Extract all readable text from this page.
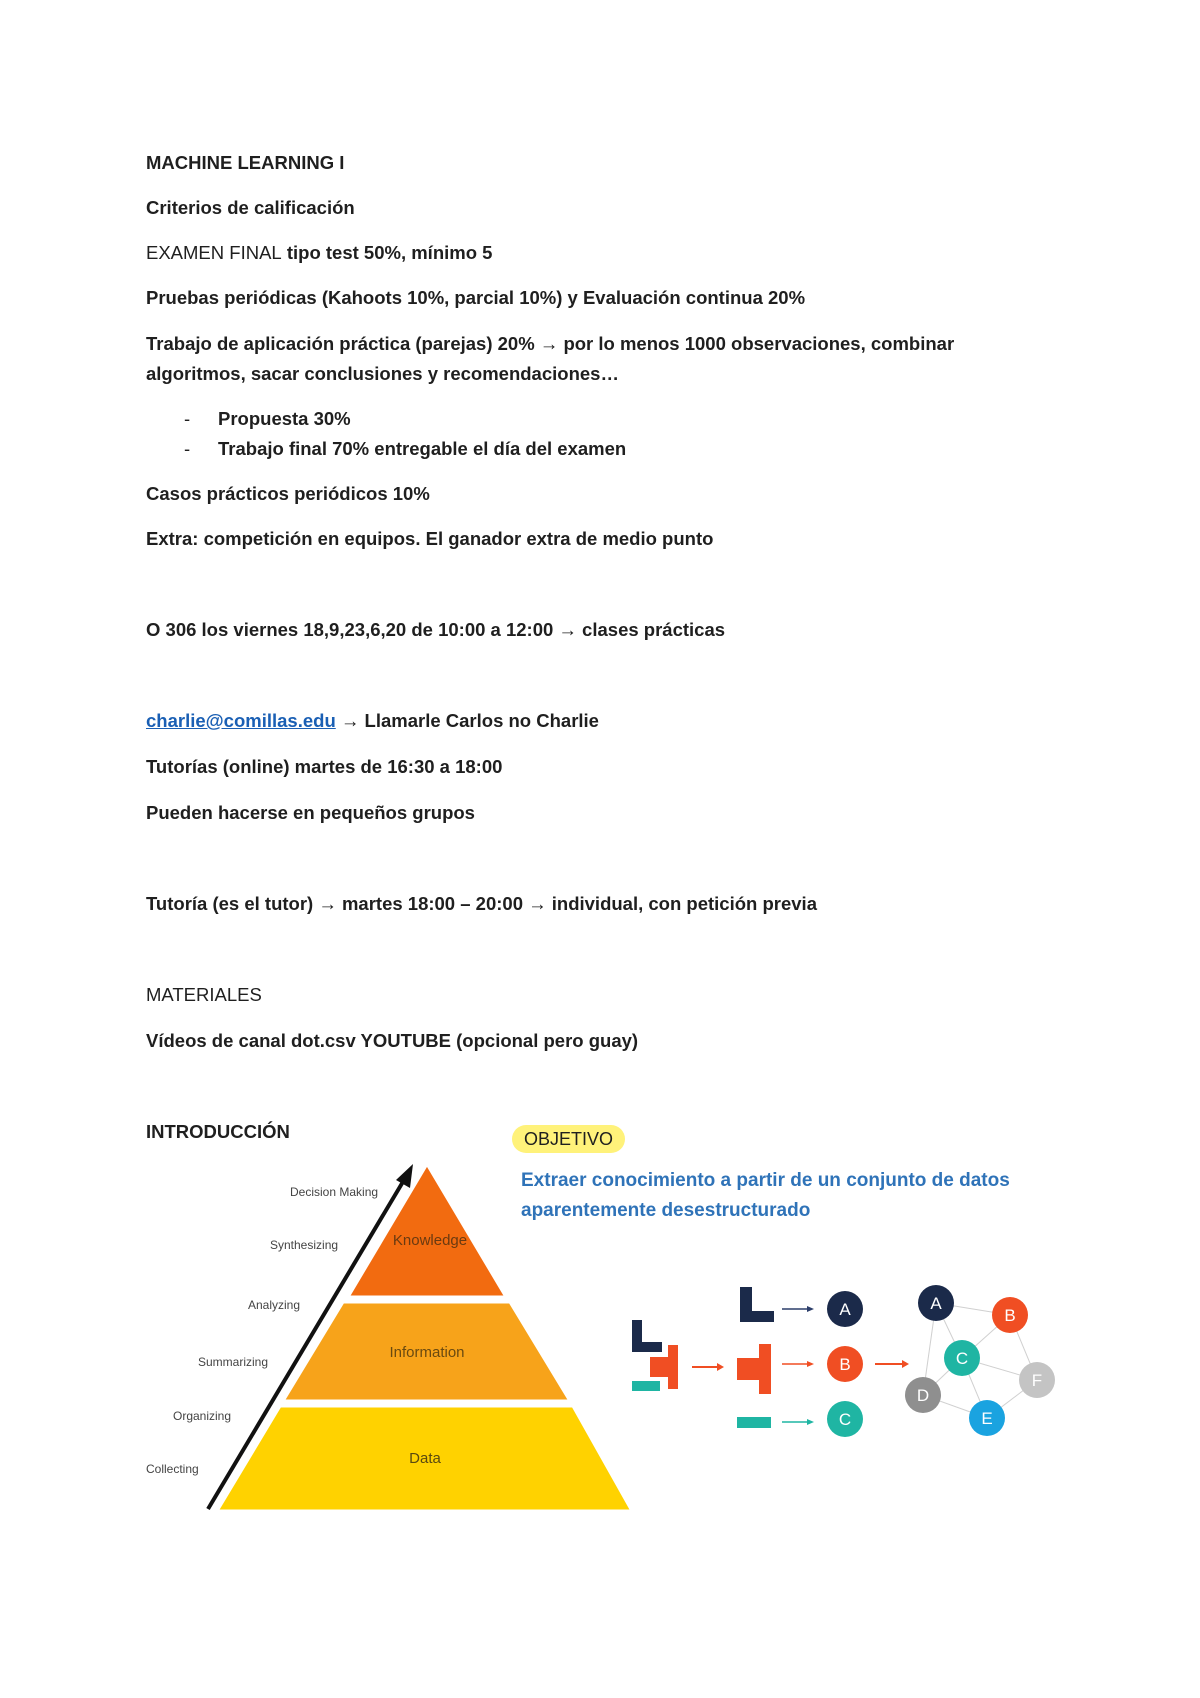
MACHINE LEARNING I

Criterios de calificación

EXAMEN FINAL tipo test 50%, mínimo 5

Pruebas periódicas (Kahoots 10%, parcial 10%) y Evaluación continua 20%

Trabajo de aplicación práctica (parejas) 20% → por lo menos 1000 observaciones, combinar

algoritmos, sacar conclusiones y recomendaciones…

- Propuesta 30%
- Trabajo final 70% entregable el día del examen

Casos prácticos periódicos 10%

Extra: competición en equipos. El ganador extra de medio punto

O 306 los viernes 18,9,23,6,20 de 10:00 a 12:00 → clases prácticas

charlie@comillas.edu → Llamarle Carlos no Charlie

Tutorías (online) martes de 16:30 a 18:00

Pueden hacerse en pequeños grupos

Tutoría (es el tutor) → martes 18:00 – 20:00 → individual, con petición previa

MATERIALES

Vídeos de canal dot.csv YOUTUBE (opcional pero guay)

INTRODUCCIÓN	OBJETIVO
Extraer conocimiento a partir de un conjunto de datos
aparentemente desestructurado
Knowledge
Information
Data
Decision Making
Synthesizing
Analyzing
Summarizing
Organizing
Collecting
A
B
C
A
B
C
D
E
F
